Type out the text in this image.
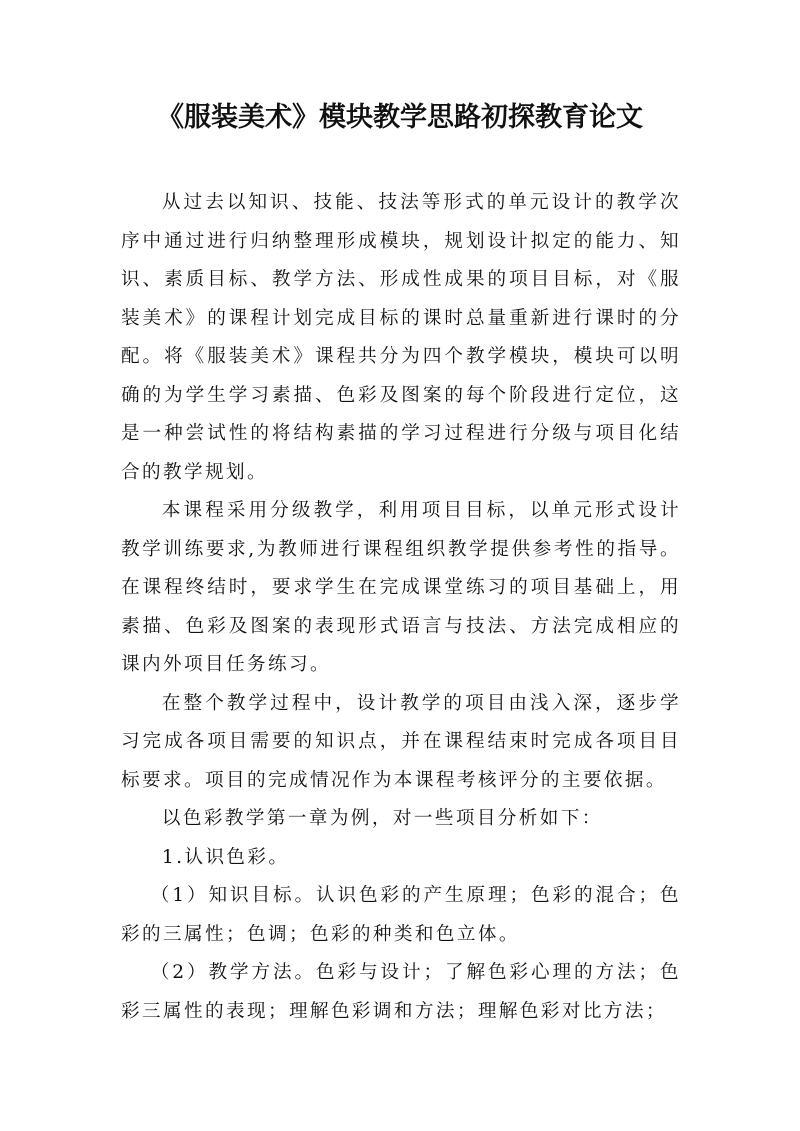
《服装美术》模块教学思路初探教育论文

从过去以知识、技能、技法等形式的单元设计的教学次序中通过进行归纳整理形成模块，规划设计拟定的能力、知识、素质目标、教学方法、形成性成果的项目目标，对《服装美术》的课程计划完成目标的课时总量重新进行课时的分配。将《服装美术》课程共分为四个教学模块，模块可以明确的为学生学习素描、色彩及图案的每个阶段进行定位，这是一种尝试性的将结构素描的学习过程进行分级与项目化结合的教学规划。

本课程采用分级教学，利用项目目标，以单元形式设计教学训练要求,为教师进行课程组织教学提供参考性的指导。在课程终结时，要求学生在完成课堂练习的项目基础上，用素描、色彩及图案的表现形式语言与技法、方法完成相应的课内外项目任务练习。

在整个教学过程中，设计教学的项目由浅入深，逐步学习完成各项目需要的知识点，并在课程结束时完成各项目目标要求。项目的完成情况作为本课程考核评分的主要依据。

以色彩教学第一章为例，对一些项目分析如下：

1.认识色彩。

（1）知识目标。认识色彩的产生原理；色彩的混合；色彩的三属性；色调；色彩的种类和色立体。

（2）教学方法。色彩与设计；了解色彩心理的方法；色彩三属性的表现；理解色彩调和方法；理解色彩对比方法；
